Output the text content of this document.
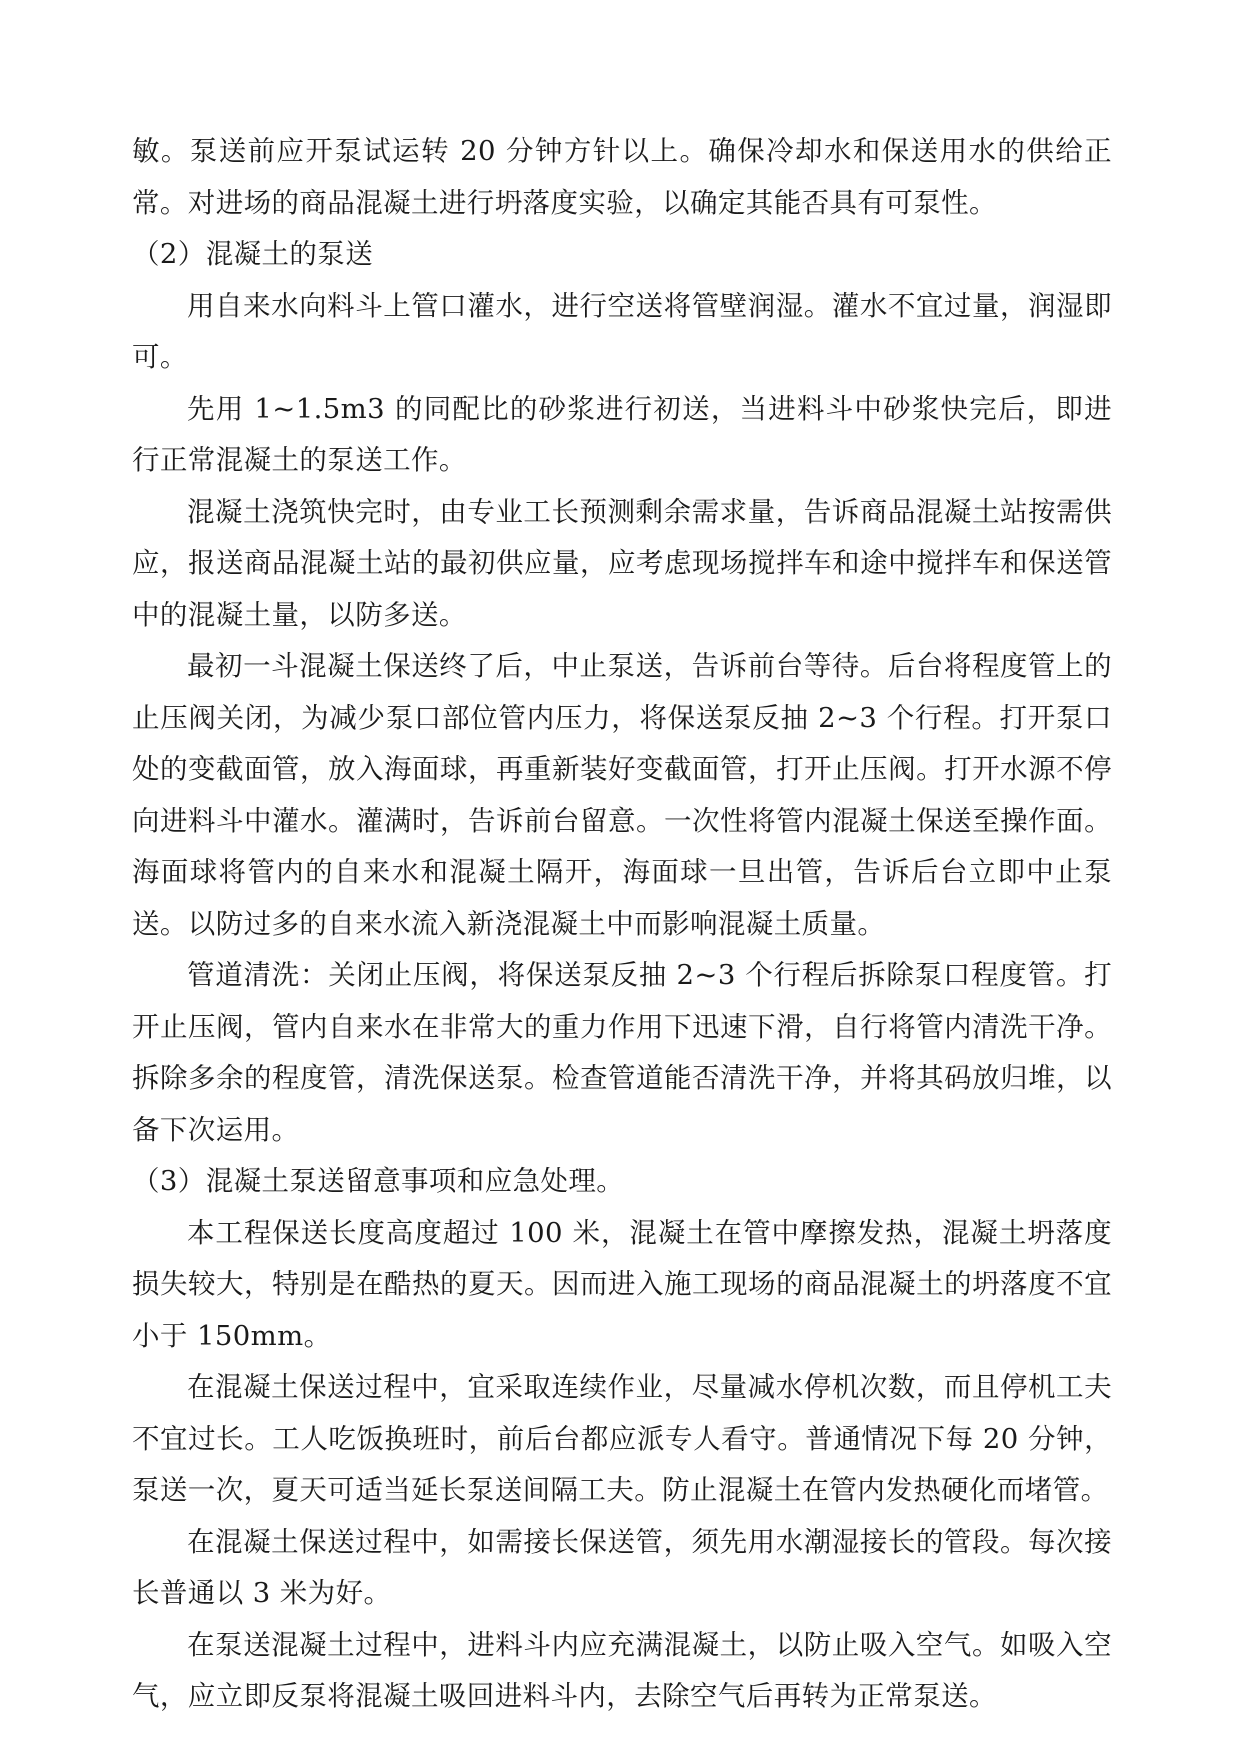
敏。泵送前应开泵试运转 20 分钟方针以上。确保冷却水和保送用水的供给正常。对进场的商品混凝土进行坍落度实验，以确定其能否具有可泵性。

（2）混凝土的泵送

用自来水向料斗上管口灌水，进行空送将管壁润湿。灌水不宜过量，润湿即可。

先用 1~1.5m3 的同配比的砂浆进行初送，当进料斗中砂浆快完后，即进行正常混凝土的泵送工作。

混凝土浇筑快完时，由专业工长预测剩余需求量，告诉商品混凝土站按需供应，报送商品混凝土站的最初供应量，应考虑现场搅拌车和途中搅拌车和保送管中的混凝土量，以防多送。

最初一斗混凝土保送终了后，中止泵送，告诉前台等待。后台将程度管上的止压阀关闭，为减少泵口部位管内压力，将保送泵反抽 2~3 个行程。打开泵口处的变截面管，放入海面球，再重新装好变截面管，打开止压阀。打开水源不停向进料斗中灌水。灌满时，告诉前台留意。一次性将管内混凝土保送至操作面。海面球将管内的自来水和混凝土隔开，海面球一旦出管，告诉后台立即中止泵送。以防过多的自来水流入新浇混凝土中而影响混凝土质量。

管道清洗：关闭止压阀，将保送泵反抽 2~3 个行程后拆除泵口程度管。打开止压阀，管内自来水在非常大的重力作用下迅速下滑，自行将管内清洗干净。拆除多余的程度管，清洗保送泵。检查管道能否清洗干净，并将其码放归堆，以备下次运用。

（3）混凝土泵送留意事项和应急处理。

本工程保送长度高度超过 100 米，混凝土在管中摩擦发热，混凝土坍落度损失较大，特别是在酷热的夏天。因而进入施工现场的商品混凝土的坍落度不宜小于 150mm。

在混凝土保送过程中，宜采取连续作业，尽量减水停机次数，而且停机工夫不宜过长。工人吃饭换班时，前后台都应派专人看守。普通情况下每 20 分钟，泵送一次，夏天可适当延长泵送间隔工夫。防止混凝土在管内发热硬化而堵管。

在混凝土保送过程中，如需接长保送管，须先用水潮湿接长的管段。每次接长普通以 3 米为好。

在泵送混凝土过程中，进料斗内应充满混凝土，以防止吸入空气。如吸入空气，应立即反泵将混凝土吸回进料斗内，去除空气后再转为正常泵送。
